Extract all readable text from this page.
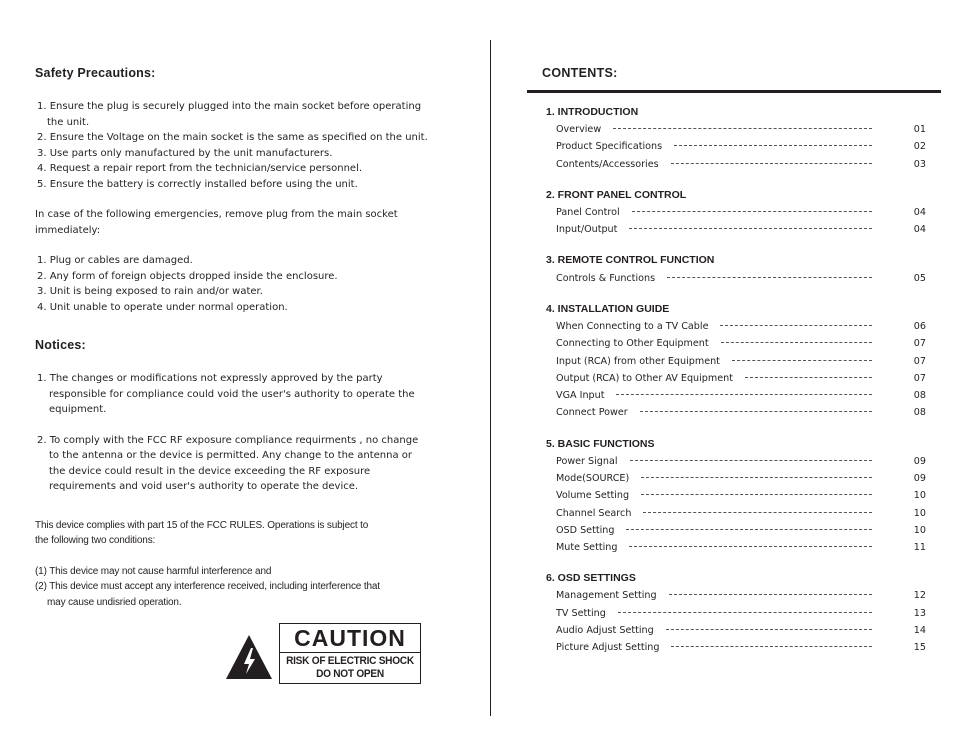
Safety Precautions:
1. Ensure the plug is securely plugged into the main socket before operating
the unit.
2. Ensure the Voltage on the main socket is the same as specified on the unit.
3. Use parts only manufactured by the unit manufacturers.
4. Request a repair report from the technician/service personnel.
5. Ensure the battery is correctly installed before using the unit.
In case of the following emergencies, remove plug from the main socket
immediately:
1. Plug or cables are damaged.
2. Any form of foreign objects dropped inside the enclosure.
3. Unit is being exposed to rain and/or water.
4. Unit unable to operate under normal operation.
Notices:
1. The changes or modifications not expressly approved by the party
responsible for compliance could void the user's authority to operate the
equipment.
2. To comply with the FCC RF exposure compliance requirments , no change
to the antenna or the device is permitted. Any change to the antenna or
the device could result in the device exceeding the RF exposure
requirements and void user's authority to operate the device.
This device complies with part 15 of the FCC RULES. Operations is subject to
the following two conditions:
(1) This device may not cause harmful interference and
(2) This device must accept any interference received, including interference that
may cause undisried operation.
CAUTION
RISK OF ELECTRIC SHOCK
DO NOT OPEN
CONTENTS:
1. INTRODUCTION
Overview	01
Product Specifications	02
Contents/Accessories	03
2. FRONT PANEL CONTROL
Panel Control	04
Input/Output	04
3. REMOTE CONTROL FUNCTION
Controls & Functions	05
4. INSTALLATION GUIDE
When Connecting to a TV Cable	06
Connecting to Other Equipment	07
Input (RCA) from other Equipment	07
Output (RCA) to Other AV Equipment	07
VGA Input	08
Connect Power	08
5. BASIC FUNCTIONS
Power Signal	09
Mode(SOURCE)	09
Volume Setting	10
Channel Search	10
OSD Setting	10
Mute Setting	11
6. OSD SETTINGS
Management Setting	12
TV Setting	13
Audio Adjust Setting	14
Picture Adjust Setting	15
